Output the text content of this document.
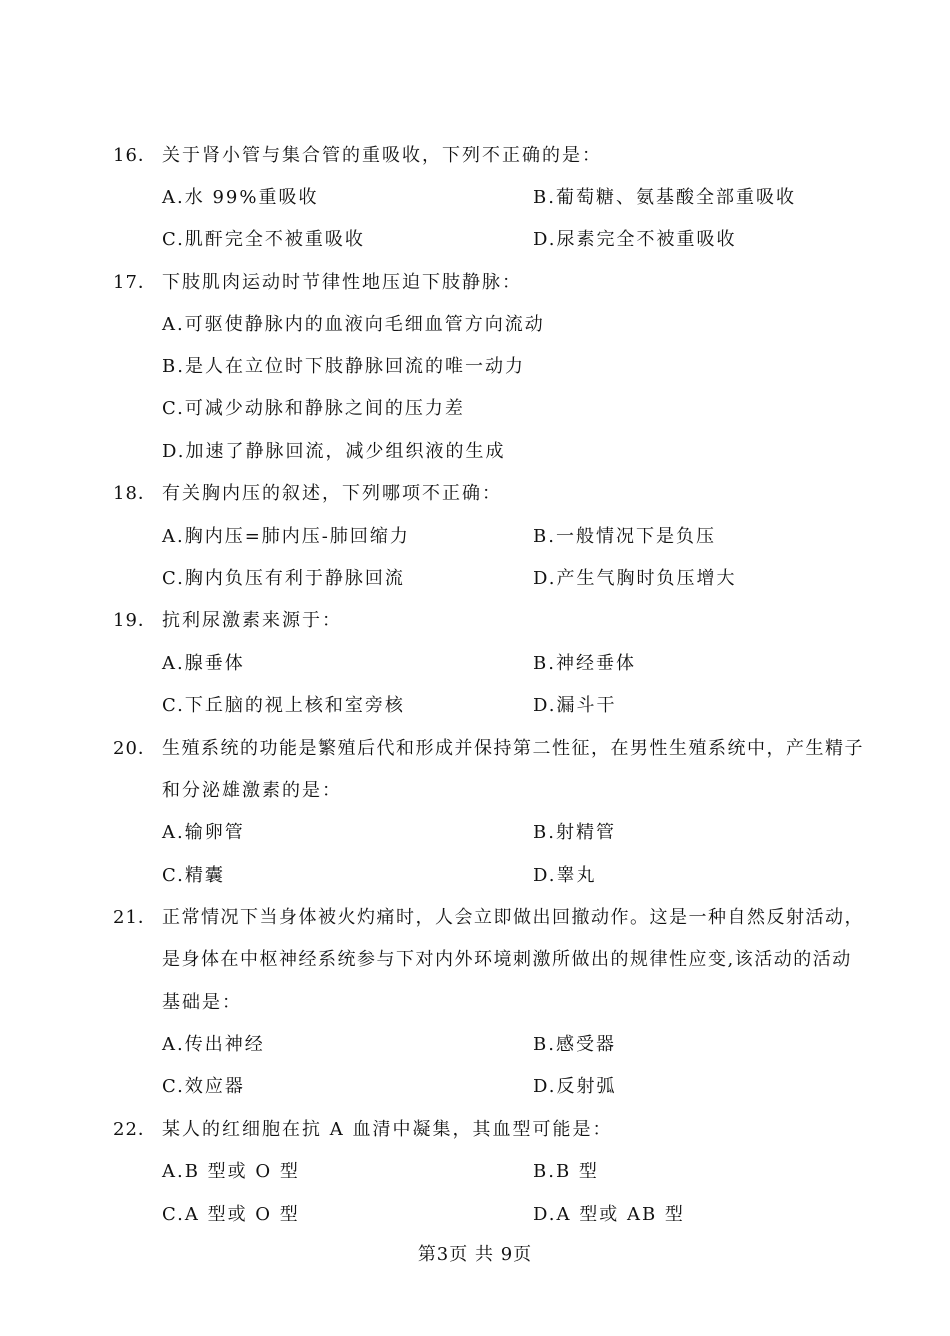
16． 关于肾小管与集合管的重吸收，下列不正确的是：
A.水 99%重吸收	B.葡萄糖、氨基酸全部重吸收
C.肌酐完全不被重吸收	D.尿素完全不被重吸收
17． 下肢肌肉运动时节律性地压迫下肢静脉：
A.可驱使静脉内的血液向毛细血管方向流动
B.是人在立位时下肢静脉回流的唯一动力
C.可减少动脉和静脉之间的压力差
D.加速了静脉回流，减少组织液的生成
18． 有关胸内压的叙述，下列哪项不正确：
A.胸内压=肺内压-肺回缩力	B.一般情况下是负压
C.胸内负压有利于静脉回流	D.产生气胸时负压增大
19． 抗利尿激素来源于：
A.腺垂体	B.神经垂体
C.下丘脑的视上核和室旁核	D.漏斗干
20． 生殖系统的功能是繁殖后代和形成并保持第二性征，在男性生殖系统中，产生精子
和分泌雄激素的是：
A.输卵管	B.射精管
C.精囊	D.睾丸
21． 正常情况下当身体被火灼痛时，人会立即做出回撤动作。这是一种自然反射活动，
是身体在中枢神经系统参与下对内外环境刺激所做出的规律性应变,该活动的活动
基础是：
A.传出神经	B.感受器
C.效应器	D.反射弧
22． 某人的红细胞在抗 A 血清中凝集，其血型可能是：
A.B 型或 O 型	B.B 型
C.A 型或 O 型	D.A 型或 AB 型
第3页 共 9页
